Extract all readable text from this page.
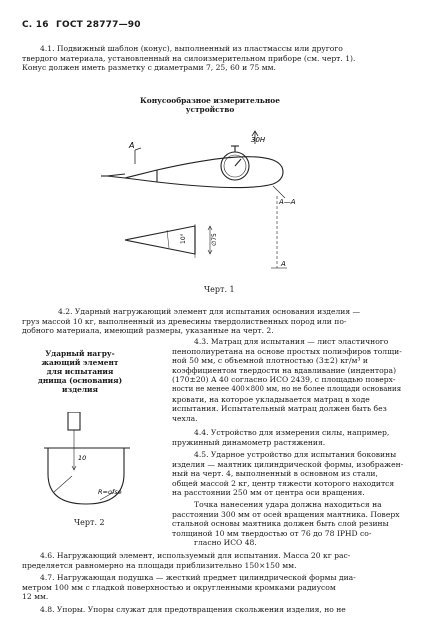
С. 16 ГОСТ 28777—90
4.1. Подвижный шаблон (конус), выполненный из пластмассы или другого
твердого материала, установленный на силоизмерительном приборе (см. черт. 1).
Конус должен иметь разметку с диаметрами 7, 25, 60 и 75 мм.
Конусообразное измерительное
устройство
A
30Н
A—A
10°	∅75
A
Черт. 1
4.2. Ударный нагружающий элемент для испытания основания изделия —
груз массой 10 кг, выполненный из древесины твердолиственных пород или по-
добного материала, имеющий размеры, указанные на черт. 2.
Ударный нагру-
жающий элемент
для испытания
днища (основания)
изделия
10
R=ofse
Черт. 2
4.3. Матрац для испытания — лист эластичного
пенополиуретана на основе простых полиэфиров толщи-
ной 50 мм, с объемной плотностью (3±2) кг/м³ и
коэффициентом твердости на вдавливание (индентора)
(170±20) А 40 согласно ИСО 2439, с площадью поверх-
ности не менее 400×800 мм, но не более площади основания
кровати, на которое укладывается матрац в ходе
испытания. Испытательный матрац должен быть без
чехла.
4.4. Устройство для измерения силы, например,
пружинный динамометр растяжения.
4.5. Ударное устройство для испытания боковины
изделия — маятник цилиндрической формы, изображен-
ный на черт. 4, выполненный в основном из стали,
общей массой 2 кг, центр тяжести которого находится
на расстоянии 250 мм от центра оси вращения.
Точка нанесения удара должна находиться на
расстоянии 300 мм от осей вращения маятника. Поверх
стальной основы маятника должен быть слой резины
толщиной 10 мм твердостью от 76 до 78 IPHD со-
гласно ИСО 48.
4.6. Нагружающий элемент, используемый для испытания. Масса 20 кг рас-
пределяется равномерно на площади приблизительно 150×150 мм.
4.7. Нагружающая подушка — жесткий предмет цилиндрической формы диа-
метром 100 мм с гладкой поверхностью и округленными кромками радиусом
12 мм.
4.8. Упоры. Упоры служат для предотвращения скольжения изделия, но не
